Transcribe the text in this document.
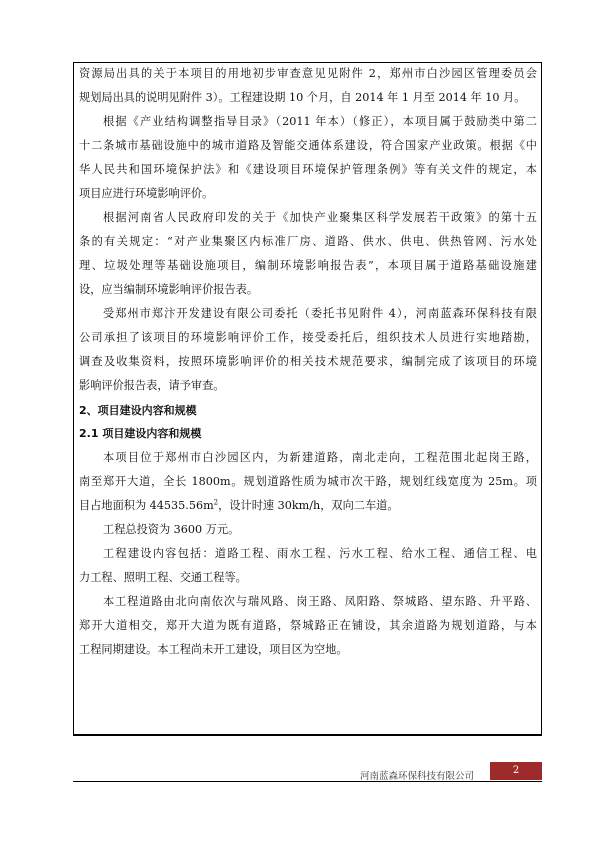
资源局出具的关于本项目的用地初步审查意见见附件 2，郑州市白沙园区管理委员会
规划局出具的说明见附件 3）。工程建设期 10 个月，自 2014 年 1 月至 2014 年 10 月。
根据《产业结构调整指导目录》（2011 年本）（修正），本项目属于鼓励类中第二
十二条城市基础设施中的城市道路及智能交通体系建设，符合国家产业政策。根据《中
华人民共和国环境保护法》和《建设项目环境保护管理条例》等有关文件的规定，本
项目应进行环境影响评价。
根据河南省人民政府印发的关于《加快产业聚集区科学发展若干政策》的第十五
条的有关规定：“对产业集聚区内标准厂房、道路、供水、供电、供热管网、污水处
理、垃圾处理等基础设施项目，编制环境影响报告表”，本项目属于道路基础设施建
设，应当编制环境影响评价报告表。
受郑州市郑汴开发建设有限公司委托（委托书见附件 4），河南蓝森环保科技有限
公司承担了该项目的环境影响评价工作，接受委托后，组织技术人员进行实地踏勘，
调查及收集资料，按照环境影响评价的相关技术规范要求，编制完成了该项目的环境
影响评价报告表，请予审查。
2、项目建设内容和规模
2.1 项目建设内容和规模
本项目位于郑州市白沙园区内，为新建道路，南北走向，工程范围北起岗王路，
南至郑开大道，全长 1800m。规划道路性质为城市次干路，规划红线宽度为 25m。项
目占地面积为 $44535.56m^2$，设计时速 30km/h，双向二车道。
工程总投资为 3600 万元。
工程建设内容包括：道路工程、雨水工程、污水工程、给水工程、通信工程、电
力工程、照明工程、交通工程等。
本工程道路由北向南依次与瑞风路、岗王路、凤阳路、祭城路、望东路、升平路、
郑开大道相交，郑开大道为既有道路，祭城路正在铺设，其余道路为规划道路，与本
工程同期建设。本工程尚未开工建设，项目区为空地。
河南蓝森环保科技有限公司
2
